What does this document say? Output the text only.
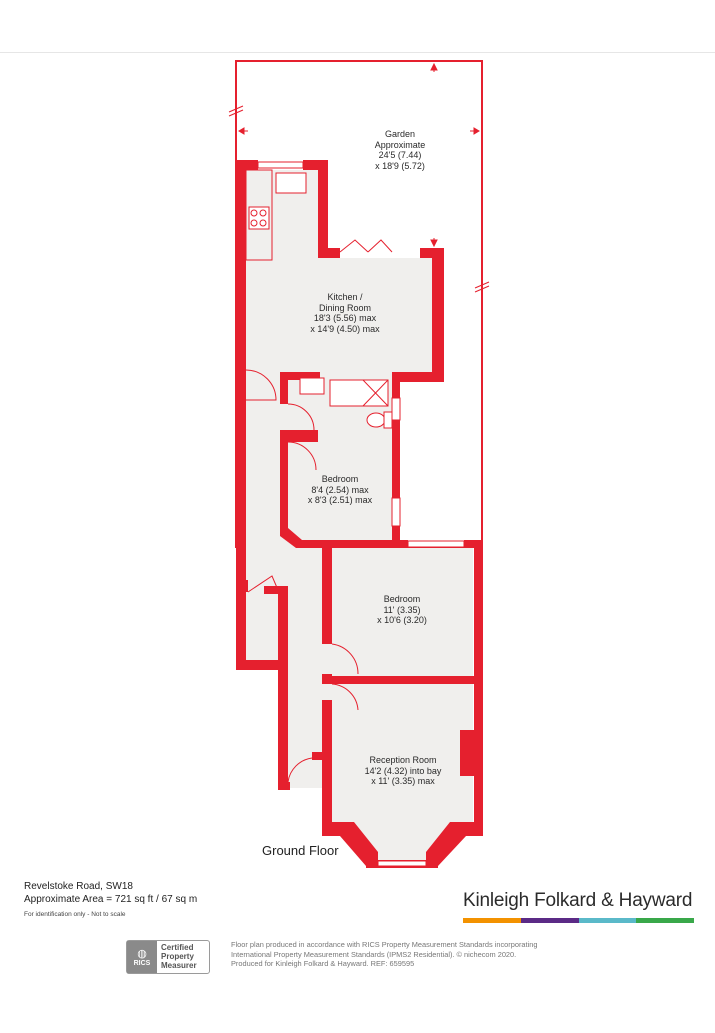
Garden
Approximate
24'5 (7.44)
x 18'9 (5.72)
Kitchen /
Dining Room
18'3 (5.56) max
x 14'9 (4.50) max
Bedroom
8'4 (2.54) max
x 8'3 (2.51) max
Bedroom
11' (3.35)
x 10'6 (3.20)
Reception Room
14'2 (4.32) into bay
x 11' (3.35) max
Ground Floor
Revelstoke Road, SW18
Approximate Area = 721 sq ft / 67 sq m
For identification only - Not to scale
Kinleigh Folkard & Hayward
◍
RICS
Certified
Property
Measurer
Floor plan produced in accordance with RICS Property Measurement Standards incorporating
International Property Measurement Standards (IPMS2 Residential). © nichecom 2020.
Produced for Kinleigh Folkard & Hayward. REF: 659595
